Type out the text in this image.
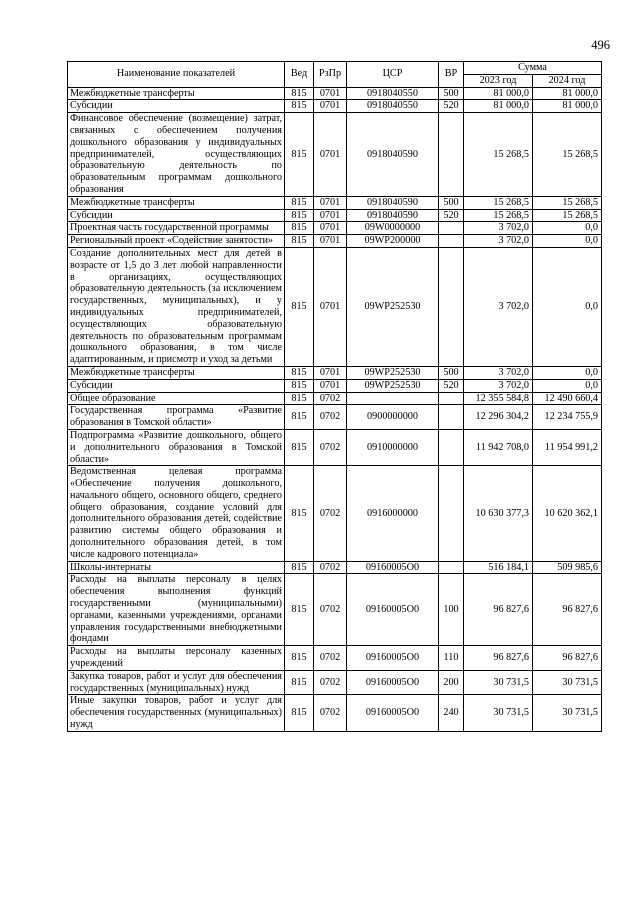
496
Наименование показателей	Вед	РзПр	ЦСР	ВР	Сумма	
					2023 год	2024 год
Межбюджетные трансферты	815	0701	0918040550	500	81 000,0	81 000,0
Субсидии	815	0701	0918040550	520	81 000,0	81 000,0
Финансовое обеспечение (возмещение) затрат, связанных с обеспечением получения дошкольного образования у индивидуальных предпринимателей, осуществляющих образовательную деятельность по образовательным программам дошкольного образования	815	0701	0918040590		15 268,5	15 268,5
Межбюджетные трансферты	815	0701	0918040590	500	15 268,5	15 268,5
Субсидии	815	0701	0918040590	520	15 268,5	15 268,5
Проектная часть государственной программы	815	0701	09W0000000		3 702,0	0,0
Региональный проект «Содействие занятости»	815	0701	09WP200000		3 702,0	0,0
Создание дополнительных мест для детей в возрасте от 1,5 до 3 лет любой направленности в организациях, осуществляющих образовательную деятельность (за исключением государственных, муниципальных), и у индивидуальных предпринимателей, осуществляющих образовательную деятельность по образовательным программам дошкольного образования, в том числе адаптированным, и присмотр и уход за детьми	815	0701	09WP252530		3 702,0	0,0
Межбюджетные трансферты	815	0701	09WP252530	500	3 702,0	0,0
Субсидии	815	0701	09WP252530	520	3 702,0	0,0
Общее образование	815	0702			12 355 584,8	12 490 660,4
Государственная программа «Развитие образования в Томской области»	815	0702	0900000000		12 296 304,2	12 234 755,9
Подпрограмма «Развитие дошкольного, общего и дополнительного образования в Томской области»	815	0702	0910000000		11 942 708,0	11 954 991,2
Ведомственная целевая программа «Обеспечение получения дошкольного, начального общего, основного общего, среднего общего образования, создание условий для дополнительного образования детей, содействие развитию системы общего образования и дополнительного образования детей, в том числе кадрового потенциала»	815	0702	0916000000		10 630 377,3	10 620 362,1
Школы-интернаты	815	0702	09160005О0		516 184,1	509 985,6
Расходы на выплаты персоналу в целях обеспечения выполнения функций государственными (муниципальными) органами, казенными учреждениями, органами управления государственными внебюджетными фондами	815	0702	09160005О0	100	96 827,6	96 827,6
Расходы на выплаты персоналу казенных учреждений	815	0702	09160005О0	110	96 827,6	96 827,6
Закупка товаров, работ и услуг для обеспечения государственных (муниципальных) нужд	815	0702	09160005О0	200	30 731,5	30 731,5
Иные закупки товаров, работ и услуг для обеспечения государственных (муниципальных) нужд	815	0702	09160005О0	240	30 731,5	30 731,5
